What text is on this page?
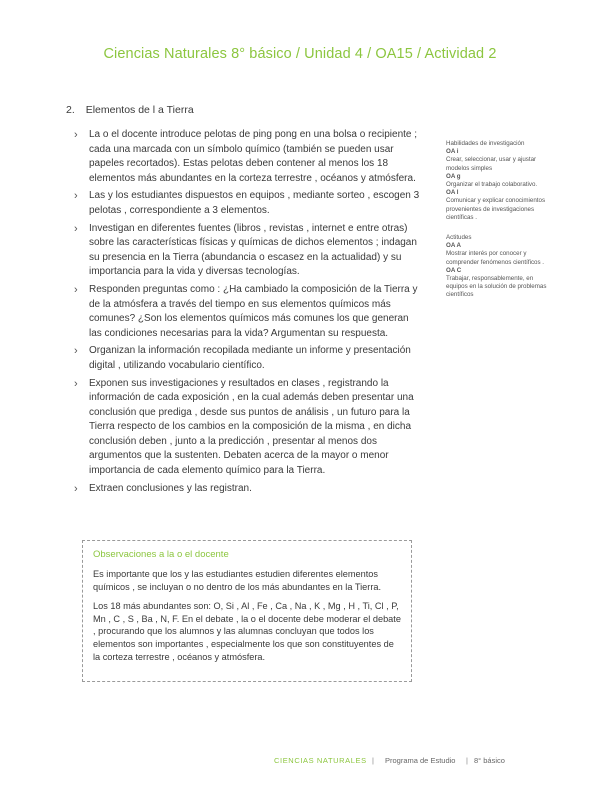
Ciencias Naturales 8° básico / Unidad 4 / OA15 / Actividad 2
2. Elementos de l a Tierra
› La o el docente introduce pelotas de ping pong en una bolsa o recipiente ; cada una marcada con un símbolo químico (también se pueden usar papeles recortados). Estas pelotas deben contener al menos los 18 elementos más abundantes en la corteza terrestre , océanos y atmósfera.
› Las y los estudiantes dispuestos en equipos , mediante sorteo , escogen 3 pelotas , correspondiente a 3 elementos.
› Investigan en diferentes fuentes (libros , revistas , internet e entre otras) sobre las características físicas y químicas de dichos elementos ; indagan su presencia en la Tierra (abundancia o escasez en la actualidad) y su importancia para la vida y diversas tecnologías.
› Responden preguntas como : ¿Ha cambiado la composición de la Tierra y de la atmósfera a través del tiempo en sus elementos químicos más comunes? ¿Son los elementos químicos más comunes los que generan las condiciones necesarias para la vida? Argumentan su respuesta.
› Organizan la información recopilada mediante un informe y presentación digital , utilizando vocabulario científico.
› Exponen sus investigaciones y resultados en clases , registrando la información de cada exposición , en la cual además deben presentar una conclusión que prediga , desde sus puntos de análisis , un futuro para la Tierra respecto de los cambios en la composición de la misma , en dicha conclusión deben , junto a la predicción , presentar al menos dos argumentos que la sustenten. Debaten acerca de la mayor o menor importancia de cada elemento químico para la Tierra.
› Extraen conclusiones y las registran.
Habilidades de investigación
OA i
Crear, seleccionar, usar y ajustar modelos simples
OA g
Organizar el trabajo colaborativo.
OA l
Comunicar y explicar conocimientos provenientes de investigaciones científicas .
Actitudes
OA A
Mostrar interés por conocer y comprender fenómenos científicos .
OA C
Trabajar, responsablemente, en equipos en la solución de problemas científicos
Observaciones a la o el docente

Es importante que los y las estudiantes estudien diferentes elementos químicos , se incluyan o no dentro de los más abundantes en la Tierra.

Los 18 más abundantes son: O, Si , Al , Fe , Ca , Na , K , Mg , H , Ti, Cl , P, Mn , C , S , Ba , N, F. En el debate , la o el docente debe moderar el debate , procurando que los alumnos y las alumnas concluyan que todos los elementos son importantes , especialmente los que son constituyentes de la corteza terrestre , océanos y atmósfera.

CIENCIAS NATURALES | Programa de Estudio | 8° básico
